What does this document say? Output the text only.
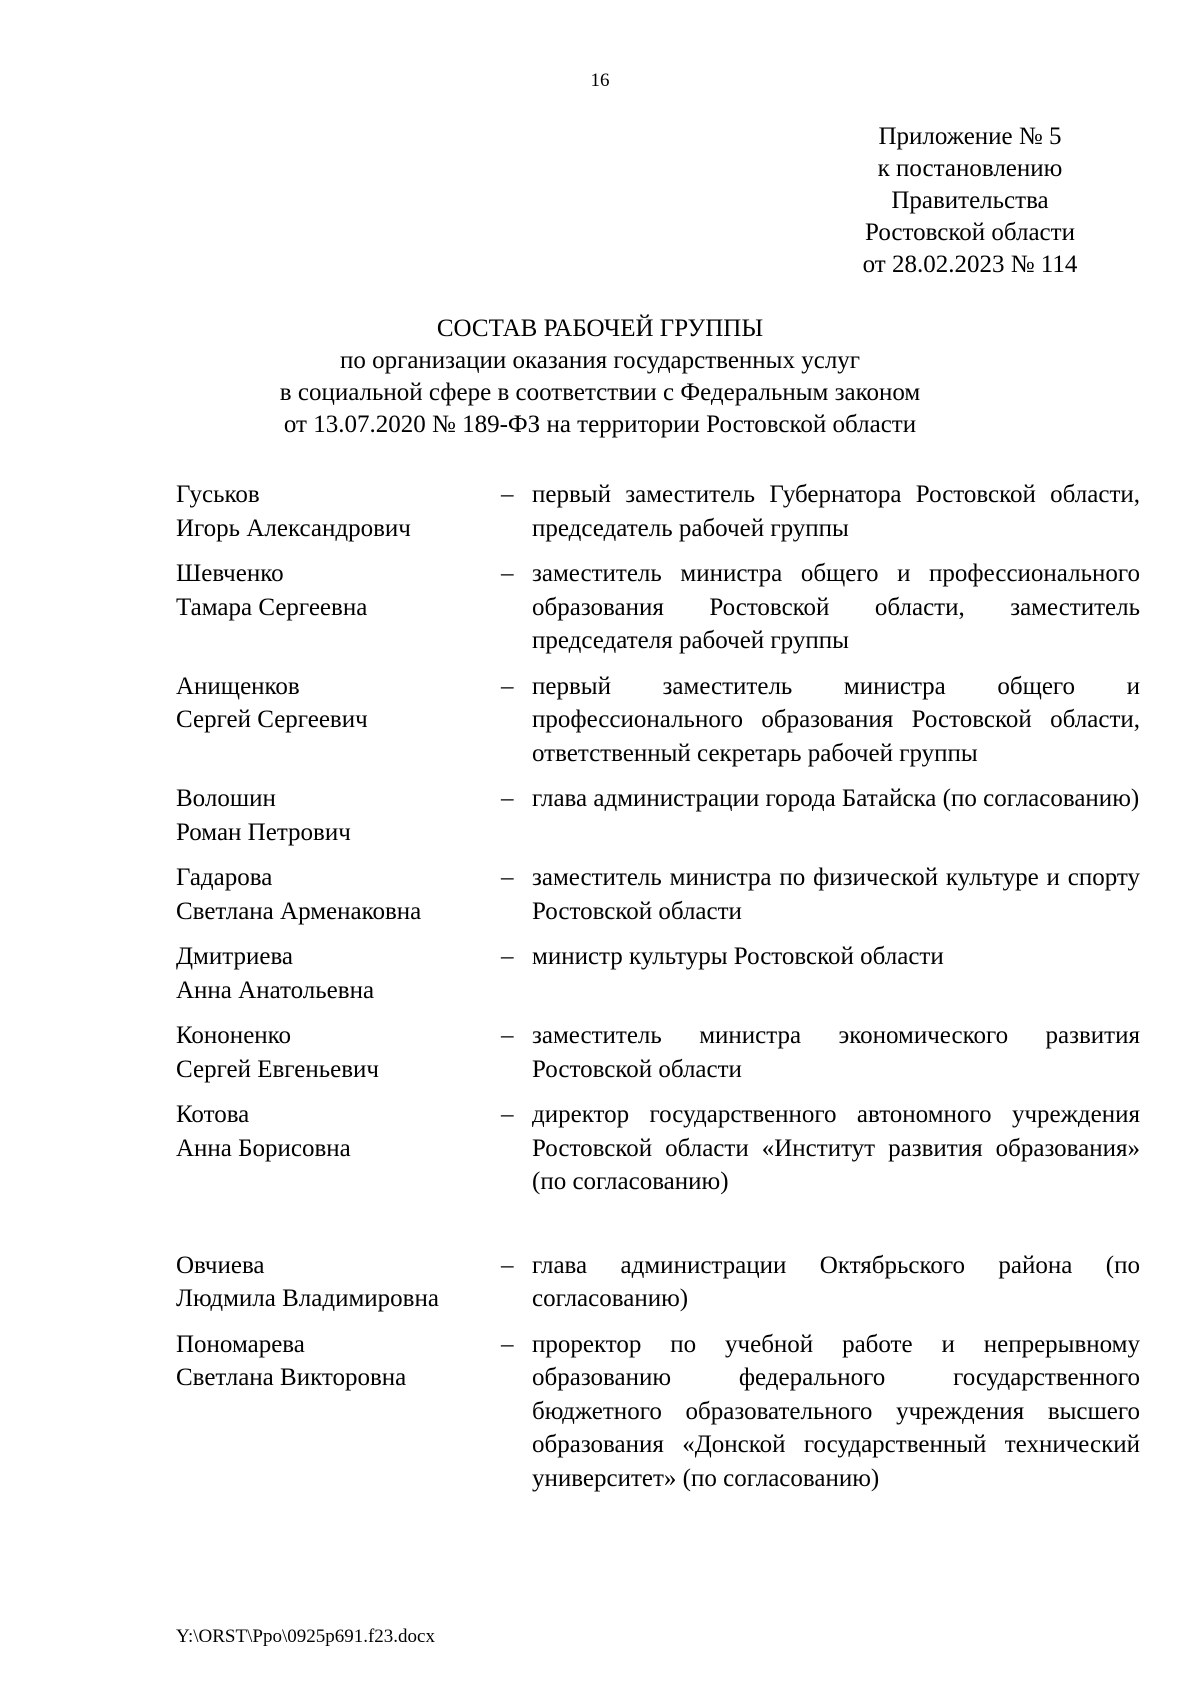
16
Приложение № 5
к постановлению
Правительства
Ростовской области
от 28.02.2023 № 114
СОСТАВ РАБОЧЕЙ ГРУППЫ
по организации оказания государственных услуг
в социальной сфере в соответствии с Федеральным законом
от 13.07.2020 № 189-ФЗ на территории Ростовской области
Гуськов
Игорь Александрович
– первый заместитель Губернатора Ростовской области, председатель рабочей группы
Шевченко
Тамара Сергеевна
– заместитель министра общего и профессионального образования Ростовской области, заместитель председателя рабочей группы
Анищенков
Сергей Сергеевич
– первый заместитель министра общего и профессионального образования Ростовской области, ответственный секретарь рабочей группы
Волошин
Роман Петрович
– глава администрации города Батайска (по согласованию)
Гадарова
Светлана Арменаковна
– заместитель министра по физической культуре и спорту Ростовской области
Дмитриева
Анна Анатольевна
– министр культуры Ростовской области
Кононенко
Сергей Евгеньевич
– заместитель министра экономического развития Ростовской области
Котова
Анна Борисовна
– директор государственного автономного учреждения Ростовской области «Институт развития образования» (по согласованию)
Овчиева
Людмила Владимировна
– глава администрации Октябрьского района (по согласованию)
Пономарева
Светлана Викторовна
– проректор по учебной работе и непрерывному образованию федерального государственного бюджетного образовательного учреждения высшего образования «Донской государственный технический университет» (по согласованию)
Y:\ORST\Ppo\0925p691.f23.docx
